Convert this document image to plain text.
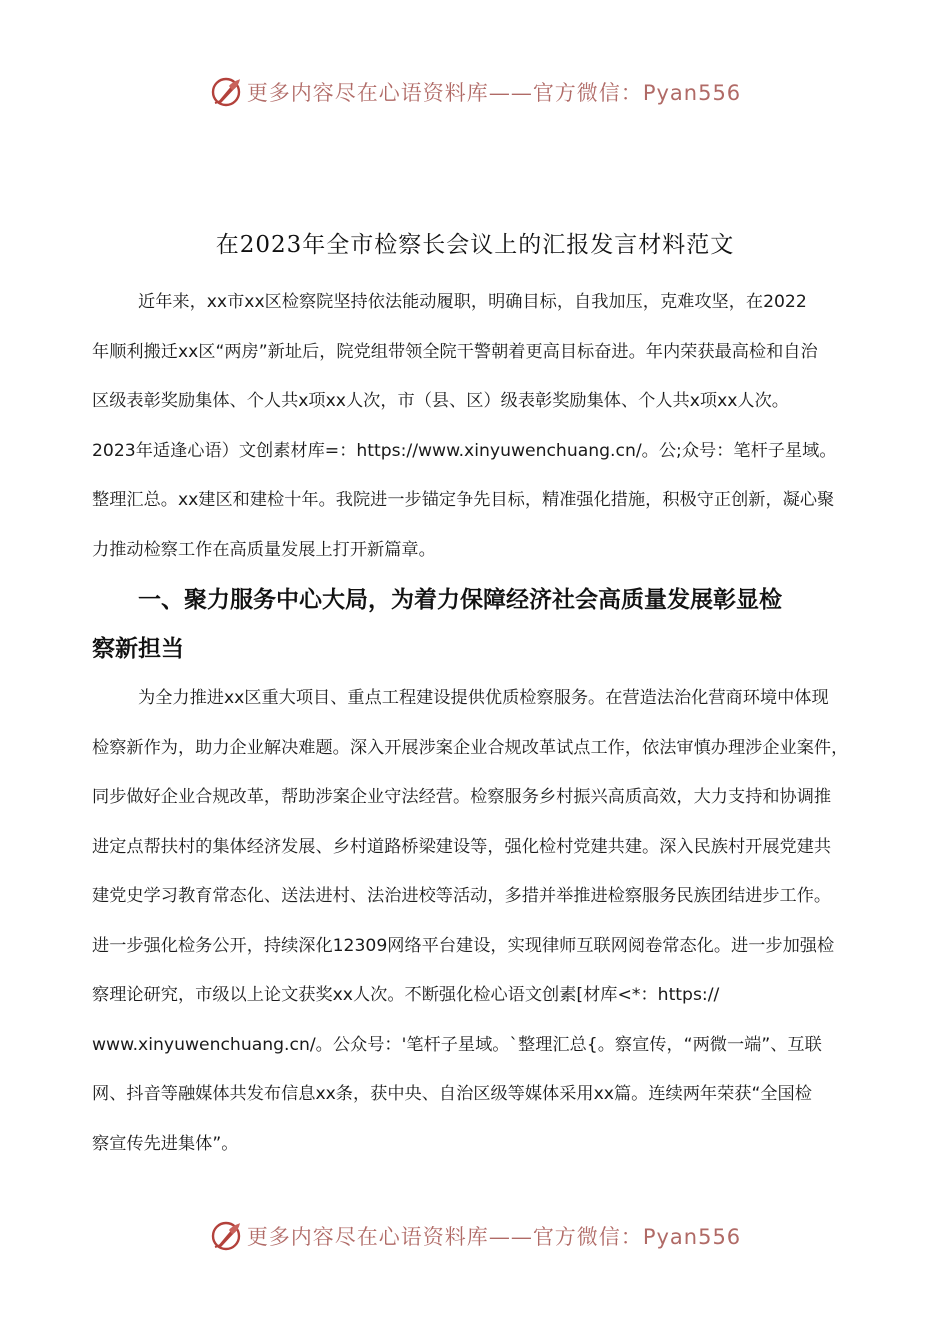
更多内容尽在心语资料库——官方微信：Pyan556
在2023年全市检察长会议上的汇报发言材料范文
近年来，xx市xx区检察院坚持依法能动履职，明确目标，自我加压，克难攻坚，在2022
年顺利搬迁xx区“两房”新址后，院党组带领全院干警朝着更高目标奋进。年内荣获最高检和自治
区级表彰奖励集体、个人共x项xx人次，市（县、区）级表彰奖励集体、个人共x项xx人次。
2023年适逢心语）文创素材库=：https://www.xinyuwenchuang.cn/。公;众号：笔杆子星域。
整理汇总。xx建区和建检十年。我院进一步锚定争先目标，精准强化措施，积极守正创新，凝心聚
力推动检察工作在高质量发展上打开新篇章。
一、聚力服务中心大局，为着力保障经济社会高质量发展彰显检
察新担当
为全力推进xx区重大项目、重点工程建设提供优质检察服务。在营造法治化营商环境中体现
检察新作为，助力企业解决难题。深入开展涉案企业合规改革试点工作，依法审慎办理涉企业案件，
同步做好企业合规改革，帮助涉案企业守法经营。检察服务乡村振兴高质高效，大力支持和协调推
进定点帮扶村的集体经济发展、乡村道路桥梁建设等，强化检村党建共建。深入民族村开展党建共
建党史学习教育常态化、送法进村、法治进校等活动，多措并举推进检察服务民族团结进步工作。
进一步强化检务公开，持续深化12309网络平台建设，实现律师互联网阅卷常态化。进一步加强检
察理论研究，市级以上论文获奖xx人次。不断强化检心语文创素[材库<*：https://
www.xinyuwenchuang.cn/。公众号：'笔杆子星域。`整理汇总{。察宣传，“两微一端”、互联
网、抖音等融媒体共发布信息xx条，获中央、自治区级等媒体采用xx篇。连续两年荣获“全国检
察宣传先进集体”。
更多内容尽在心语资料库——官方微信：Pyan556
